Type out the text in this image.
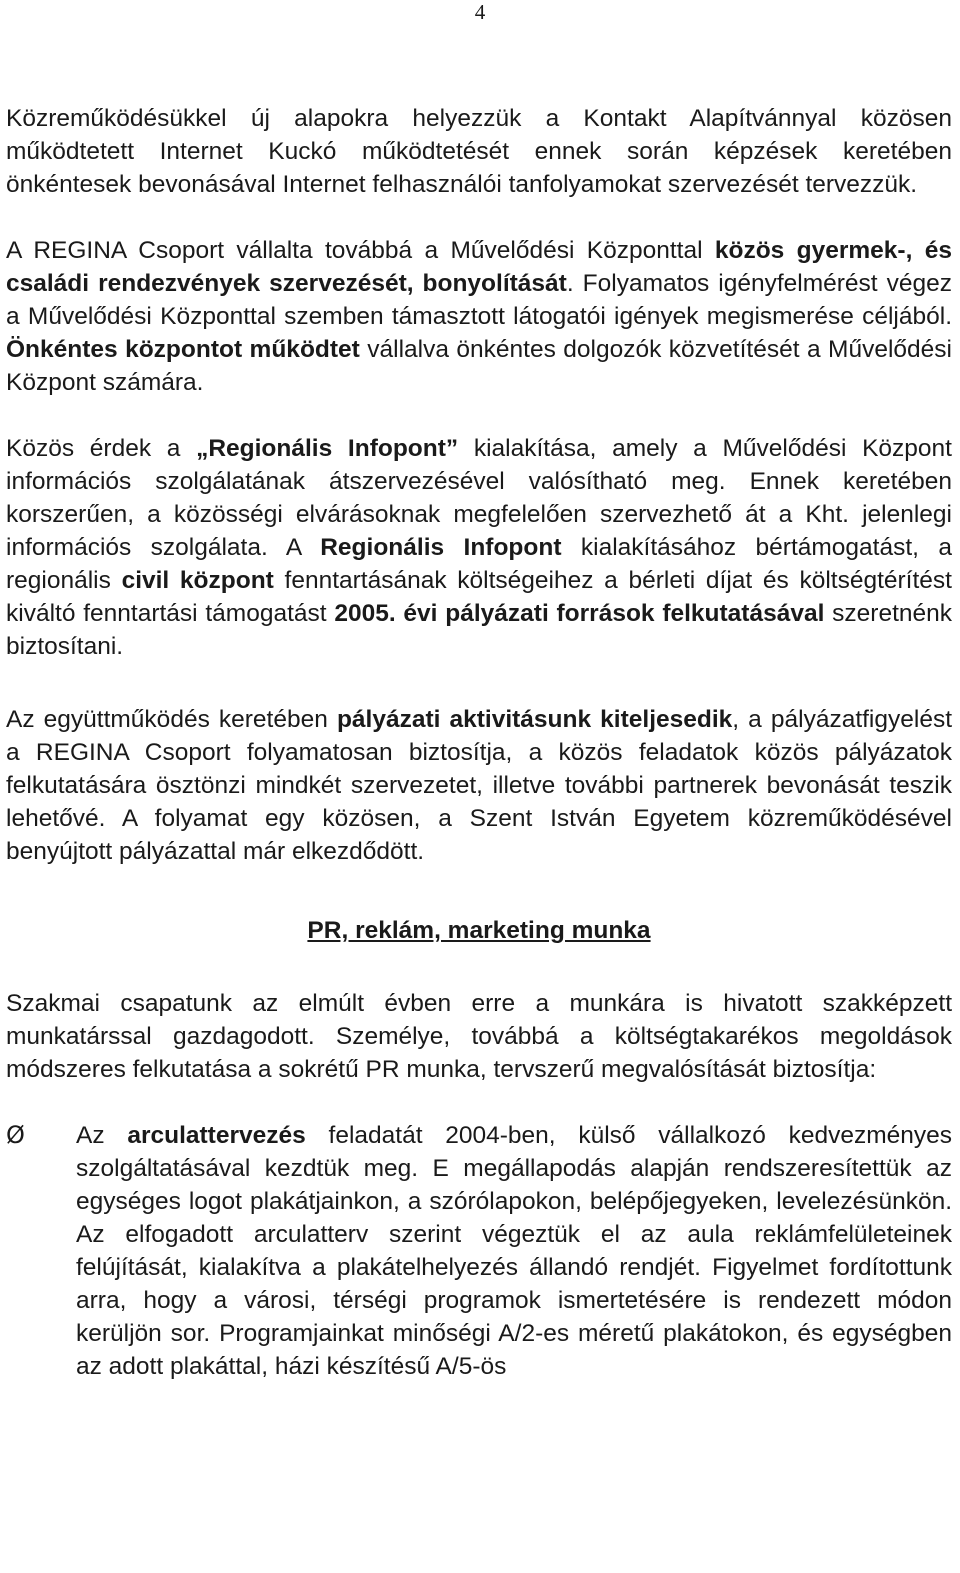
4

Közreműködésükkel új alapokra helyezzük a Kontakt Alapítvánnyal közösen működtetett Internet Kuckó működtetését ennek során képzések keretében önkéntesek bevonásával Internet felhasználói tanfolyamokat szervezését tervezzük.

A REGINA Csoport vállalta továbbá a Művelődési Központtal közös gyermek-, és családi rendezvények szervezését, bonyolítását. Folyamatos igényfelmérést végez a Művelődési Központtal szemben támasztott látogatói igények megismerése céljából. Önkéntes központot működtet vállalva önkéntes dolgozók közvetítését a Művelődési Központ számára.

Közös érdek a „Regionális Infopont” kialakítása, amely a Művelődési Központ információs szolgálatának átszervezésével valósítható meg. Ennek keretében korszerűen, a közösségi elvárásoknak megfelelően szervezhető át a Kht. jelenlegi információs szolgálata. A Regionális Infopont kialakításához bértámogatást, a regionális civil központ fenntartásának költségeihez a bérleti díjat és költségtérítést kiváltó fenntartási támogatást 2005. évi pályázati források felkutatásával szeretnénk biztosítani.

Az együttműködés keretében pályázati aktivitásunk kiteljesedik, a pályázatfigyelést a REGINA Csoport folyamatosan biztosítja, a közös feladatok közös pályázatok felkutatására ösztönzi mindkét szervezetet, illetve további partnerek bevonását teszik lehetővé. A folyamat egy közösen, a Szent István Egyetem közreműködésével benyújtott pályázattal már elkezdődött.

PR, reklám, marketing munka

Szakmai csapatunk az elmúlt évben erre a munkára is hivatott szakképzett munkatárssal gazdagodott. Személye, továbbá a költségtakarékos megoldások módszeres felkutatása a sokrétű PR munka, tervszerű megvalósítását biztosítja:

Ø Az arculattervezés feladatát 2004-ben, külső vállalkozó kedvezményes szolgáltatásával kezdtük meg. E megállapodás alapján rendszeresítettük az egységes logot plakátjainkon, a szórólapokon, belépőjegyeken, levelezésünkön. Az elfogadott arculatterv szerint végeztük el az aula reklámfelületeinek felújítását, kialakítva a plakátelhelyezés állandó rendjét. Figyelmet fordítottunk arra, hogy a városi, térségi programok ismertetésére is rendezett módon kerüljön sor. Programjainkat minőségi A/2-es méretű plakátokon, és egységben az adott plakáttal, házi készítésű A/5-ös
